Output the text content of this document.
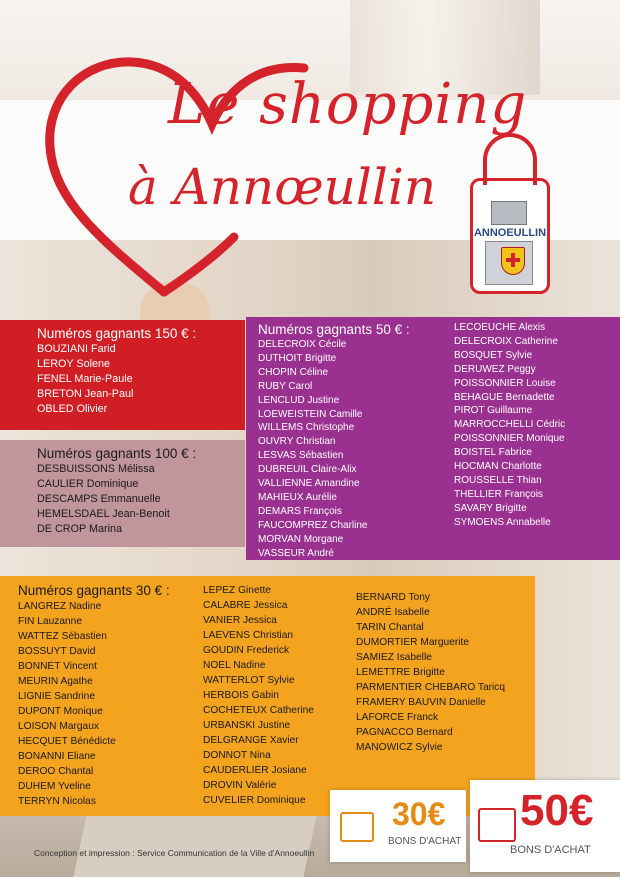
Le shopping
à Annœullin
ANNOEULLIN
Numéros gagnants 150 € :
BOUZIANI Farid
LEROY Solene
FENEL Marie-Paule
BRETON Jean-Paul
OBLED Olivier
Numéros gagnants 100 € :
DESBUISSONS Mélissa
CAULIER Dominique
DESCAMPS Emmanuelle
HEMELSDAEL Jean-Benoit
DE CROP Marina
Numéros gagnants 50 € :
DELECROIX Cécile
DUTHOIT Brigitte
CHOPIN Céline
RUBY Carol
LENCLUD Justine
LOEWEISTEIN Camille
WILLEMS Christophe
OUVRY Christian
LESVAS Sébastien
DUBREUIL Claire-Alix
VALLIENNE Amandine
MAHIEUX Aurélie
DEMARS François
FAUCOMPREZ Charline
MORVAN Morgane
VASSEUR André
LECOEUCHE Alexis
DELECROIX Catherine
BOSQUET Sylvie
DERUWEZ Peggy
POISSONNIER Louise
BEHAGUE Bernadette
PIROT Guillaume
MARROCCHELLI Cédric
POISSONNIER Monique
BOISTEL Fabrice
HOCMAN Charlotte
ROUSSELLE Thian
THELLIER François
SAVARY Brigitte
SYMOENS Annabelle
Numéros gagnants 30 € :
LANGREZ Nadine
FIN Lauzanne
WATTEZ Sébastien
BOSSUYT David
BONNET Vincent
MEURIN Agathe
LIGNIE Sandrine
DUPONT Monique
LOISON Margaux
HECQUET Bénédicte
BONANNI Eliane
DEROO Chantal
DUHEM Yveline
TERRYN Nicolas
LEPEZ Ginette
CALABRE Jessica
VANIER Jessica
LAEVENS Christian
GOUDIN Frederick
NOEL Nadine
WATTERLOT Sylvie
HERBOIS Gabin
COCHETEUX Catherine
URBANSKI Justine
DELGRANGE Xavier
DONNOT Nina
CAUDERLIER Josiane
DROVIN Valérie
CUVELIER Dominique
BERNARD Tony
ANDRÉ Isabelle
TARIN Chantal
DUMORTIER Marguerite
SAMIEZ Isabelle
LEMETTRE Brigitte
PARMENTIER CHEBARO Taricq
FRAMERY BAUVIN Danielle
LAFORCE Franck
PAGNACCO Bernard
MANOWICZ Sylvie
30€
BONS D'ACHAT
50€
BONS D'ACHAT
Conception et impression : Service Communication de la Ville d'Annoeullin
